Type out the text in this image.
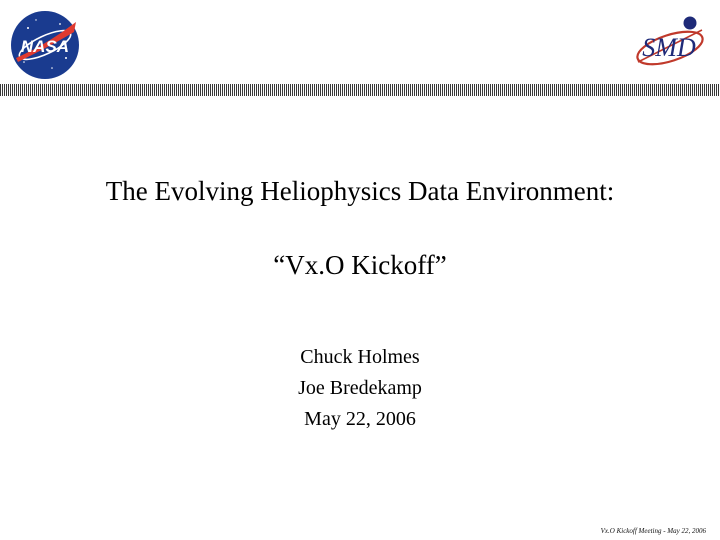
NASA	SMD
The Evolving Heliophysics Data Environment:
“Vx.O Kickoff”
Chuck Holmes
Joe Bredekamp
May 22, 2006
Vx.O Kickoff Meeting - May 22, 2006
